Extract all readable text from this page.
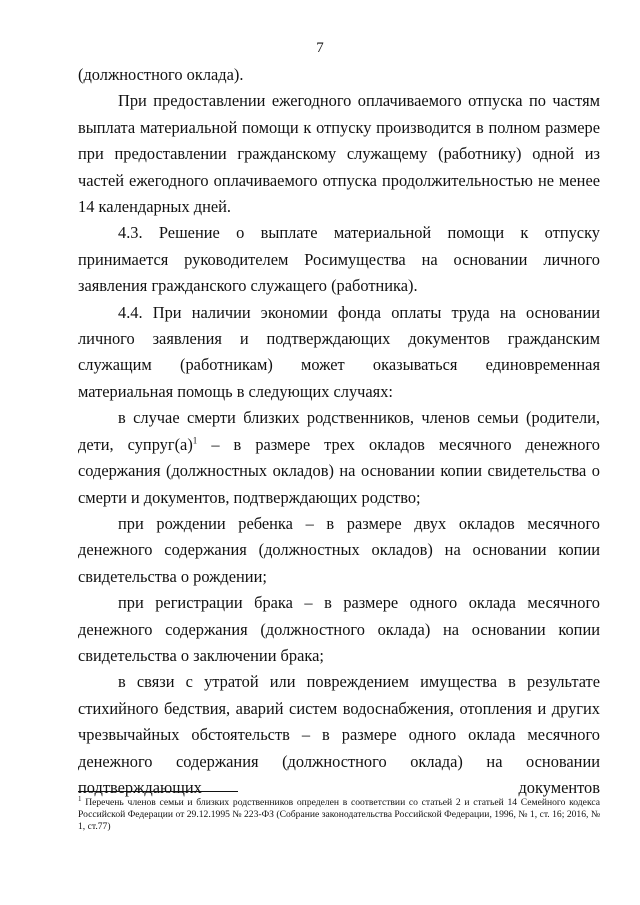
7

(должностного оклада).

При предоставлении ежегодного оплачиваемого отпуска по частям выплата материальной помощи к отпуску производится в полном размере при предоставлении гражданскому служащему (работнику) одной из частей ежегодного оплачиваемого отпуска продолжительностью не менее 14 календарных дней.

4.3. Решение о выплате материальной помощи к отпуску принимается руководителем Росимущества на основании личного заявления гражданского служащего (работника).

4.4. При наличии экономии фонда оплаты труда на основании личного заявления и подтверждающих документов гражданским служащим (работникам) может оказываться единовременная материальная помощь в следующих случаях:

в случае смерти близких родственников, членов семьи (родители, дети, супруг(а)$^1$ – в размере трех окладов месячного денежного содержания (должностных окладов) на основании копии свидетельства о смерти и документов, подтверждающих родство;

при рождении ребенка – в размере двух окладов месячного денежного содержания (должностных окладов) на основании копии свидетельства о рождении;

при регистрации брака – в размере одного оклада месячного денежного содержания (должностного оклада) на основании копии свидетельства о заключении брака;

в связи с утратой или повреждением имущества в результате стихийного бедствия, аварий систем водоснабжения, отопления и других чрезвычайных обстоятельств – в размере одного оклада месячного денежного содержания (должностного оклада) на основании подтверждающих документов

$^1$ Перечень членов семьи и близких родственников определен в соответствии со статьей 2 и статьей 14 Семейного кодекса Российской Федерации от 29.12.1995 № 223-ФЗ (Собрание законодательства Российской Федерации, 1996, № 1, ст. 16; 2016, № 1, ст.77)
